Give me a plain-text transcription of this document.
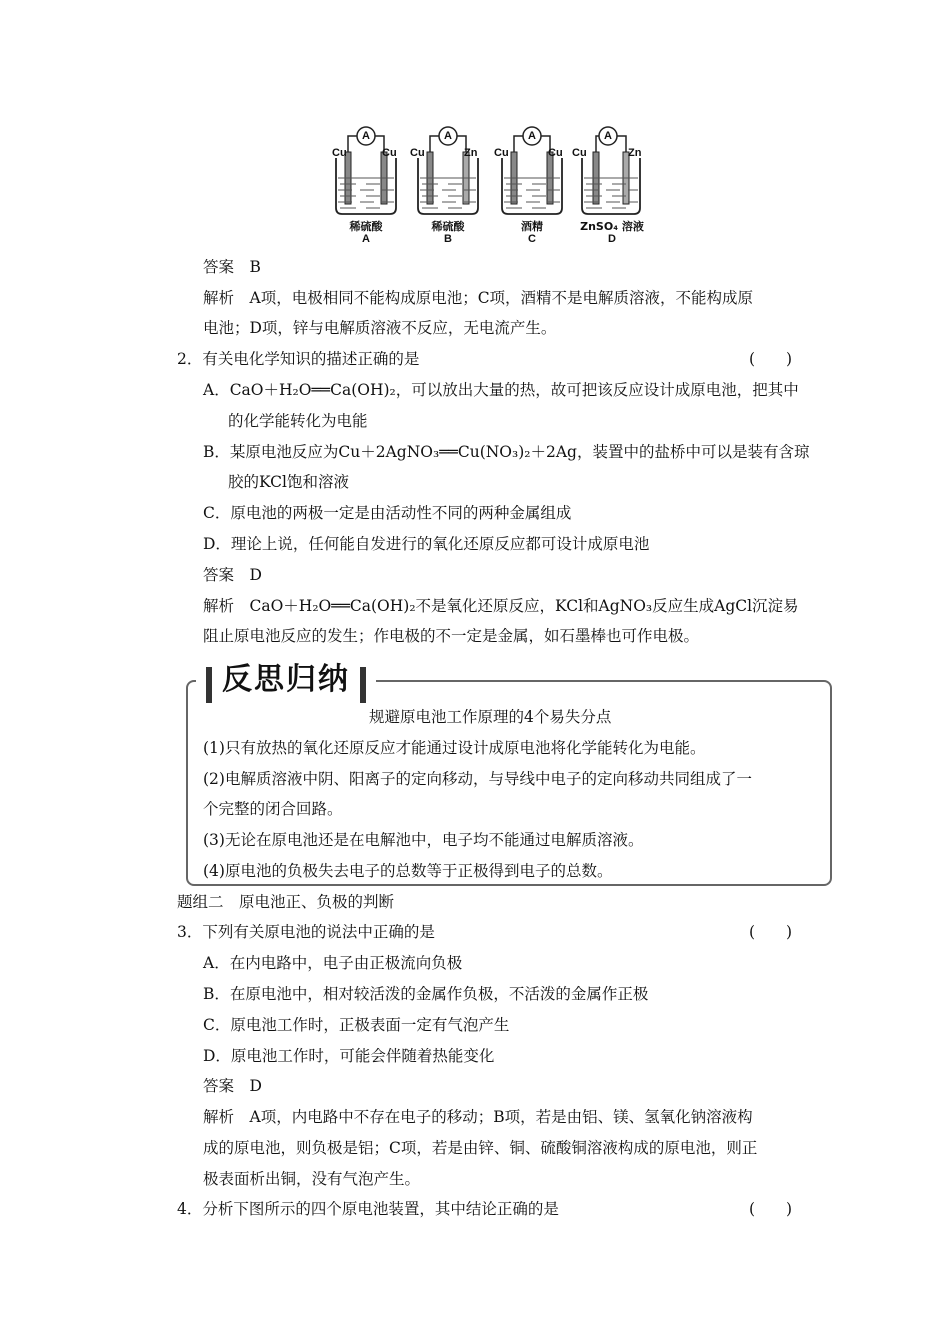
Cu	Cu
稀硫酸
A
Cu	Zn
稀硫酸
B
Cu	Cu
酒精
C
Cu	Zn
ZnSO₄ 溶液
D
答案　B
解析　A项，电极相同不能构成原电池；C项，酒精不是电解质溶液，不能构成原
电池；D项，锌与电解质溶液不反应，无电流产生。
2．有关电化学知识的描述正确的是	(　　)
A．CaO＋H₂O══Ca(OH)₂，可以放出大量的热，故可把该反应设计成原电池，把其中
的化学能转化为电能
B．某原电池反应为Cu＋2AgNO₃══Cu(NO₃)₂＋2Ag，装置中的盐桥中可以是装有含琼
胶的KCl饱和溶液
C．原电池的两极一定是由活动性不同的两种金属组成
D．理论上说，任何能自发进行的氧化还原反应都可设计成原电池
答案　D
解析　CaO＋H₂O══Ca(OH)₂不是氧化还原反应，KCl和AgNO₃反应生成AgCl沉淀易
阻止原电池反应的发生；作电极的不一定是金属，如石墨棒也可作电极。
反思归纳
规避原电池工作原理的4个易失分点
(1)只有放热的氧化还原反应才能通过设计成原电池将化学能转化为电能。
(2)电解质溶液中阴、阳离子的定向移动，与导线中电子的定向移动共同组成了一
个完整的闭合回路。
(3)无论在原电池还是在电解池中，电子均不能通过电解质溶液。
(4)原电池的负极失去电子的总数等于正极得到电子的总数。
题组二　原电池正、负极的判断
3．下列有关原电池的说法中正确的是	(　　)
A．在内电路中，电子由正极流向负极
B．在原电池中，相对较活泼的金属作负极，不活泼的金属作正极
C．原电池工作时，正极表面一定有气泡产生
D．原电池工作时，可能会伴随着热能变化
答案　D
解析　A项，内电路中不存在电子的移动；B项，若是由铝、镁、氢氧化钠溶液构
成的原电池，则负极是铝；C项，若是由锌、铜、硫酸铜溶液构成的原电池，则正
极表面析出铜，没有气泡产生。
4．分析下图所示的四个原电池装置，其中结论正确的是	(　　)
A	A	A	A
